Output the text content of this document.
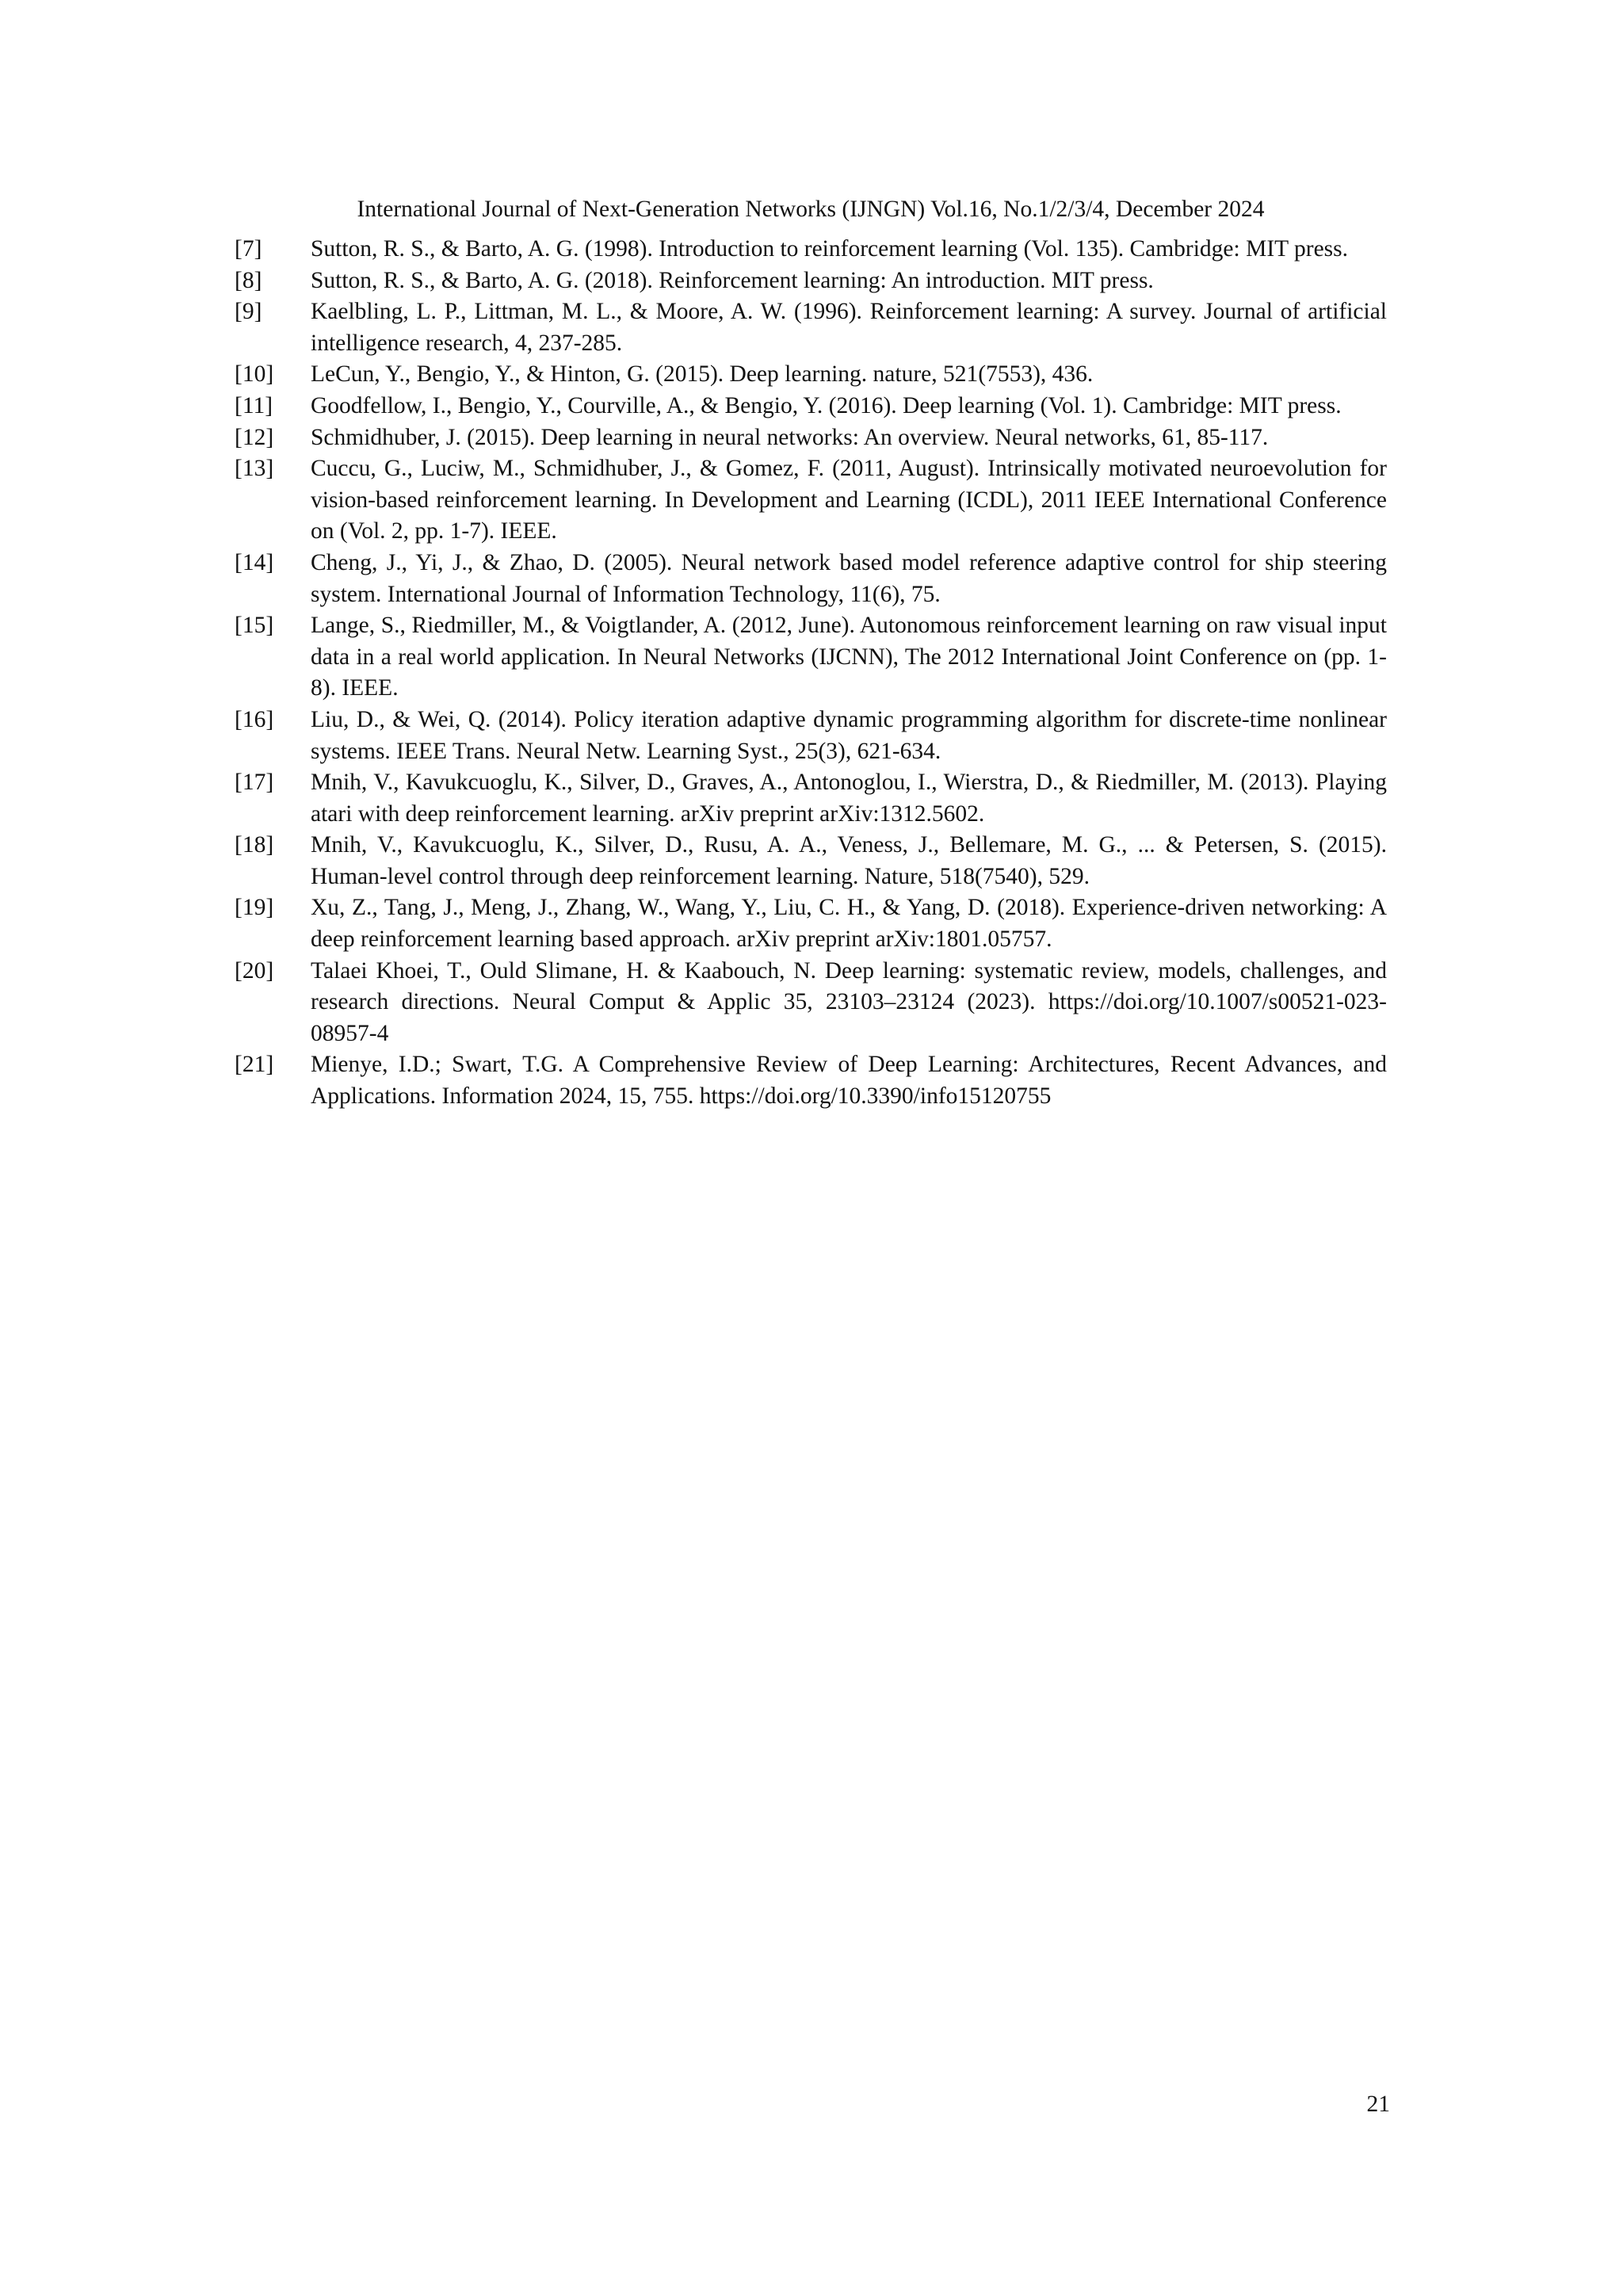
International Journal of Next-Generation Networks (IJNGN) Vol.16, No.1/2/3/4, December 2024
[7]	Sutton, R. S., & Barto, A. G. (1998). Introduction to reinforcement learning (Vol. 135). Cambridge: MIT press.
[8]	Sutton, R. S., & Barto, A. G. (2018). Reinforcement learning: An introduction. MIT press.
[9]	Kaelbling, L. P., Littman, M. L., & Moore, A. W. (1996). Reinforcement learning: A survey. Journal of artificial intelligence research, 4, 237-285.
[10]	LeCun, Y., Bengio, Y., & Hinton, G. (2015). Deep learning. nature, 521(7553), 436.
[11]	Goodfellow, I., Bengio, Y., Courville, A., & Bengio, Y. (2016). Deep learning (Vol. 1). Cambridge: MIT press.
[12]	Schmidhuber, J. (2015). Deep learning in neural networks: An overview. Neural networks, 61, 85-117.
[13]	Cuccu, G., Luciw, M., Schmidhuber, J., & Gomez, F. (2011, August). Intrinsically motivated neuroevolution for vision-based reinforcement learning. In Development and Learning (ICDL), 2011 IEEE International Conference on (Vol. 2, pp. 1-7). IEEE.
[14]	Cheng, J., Yi, J., & Zhao, D. (2005). Neural network based model reference adaptive control for ship steering system. International Journal of Information Technology, 11(6), 75.
[15]	Lange, S., Riedmiller, M., & Voigtlander, A. (2012, June). Autonomous reinforcement learning on raw visual input data in a real world application. In Neural Networks (IJCNN), The 2012 International Joint Conference on (pp. 1-8). IEEE.
[16]	Liu, D., & Wei, Q. (2014). Policy iteration adaptive dynamic programming algorithm for discrete-time nonlinear systems. IEEE Trans. Neural Netw. Learning Syst., 25(3), 621-634.
[17]	Mnih, V., Kavukcuoglu, K., Silver, D., Graves, A., Antonoglou, I., Wierstra, D., & Riedmiller, M. (2013). Playing atari with deep reinforcement learning. arXiv preprint arXiv:1312.5602.
[18]	Mnih, V., Kavukcuoglu, K., Silver, D., Rusu, A. A., Veness, J., Bellemare, M. G., ... & Petersen, S. (2015). Human-level control through deep reinforcement learning. Nature, 518(7540), 529.
[19]	Xu, Z., Tang, J., Meng, J., Zhang, W., Wang, Y., Liu, C. H., & Yang, D. (2018). Experience-driven networking: A deep reinforcement learning based approach. arXiv preprint arXiv:1801.05757.
[20]	Talaei Khoei, T., Ould Slimane, H. & Kaabouch, N. Deep learning: systematic review, models, challenges, and research directions. Neural Comput & Applic 35, 23103–23124 (2023). https://doi.org/10.1007/s00521-023-08957-4
[21]	Mienye, I.D.; Swart, T.G. A Comprehensive Review of Deep Learning: Architectures, Recent Advances, and Applications. Information 2024, 15, 755. https://doi.org/10.3390/info15120755
21
